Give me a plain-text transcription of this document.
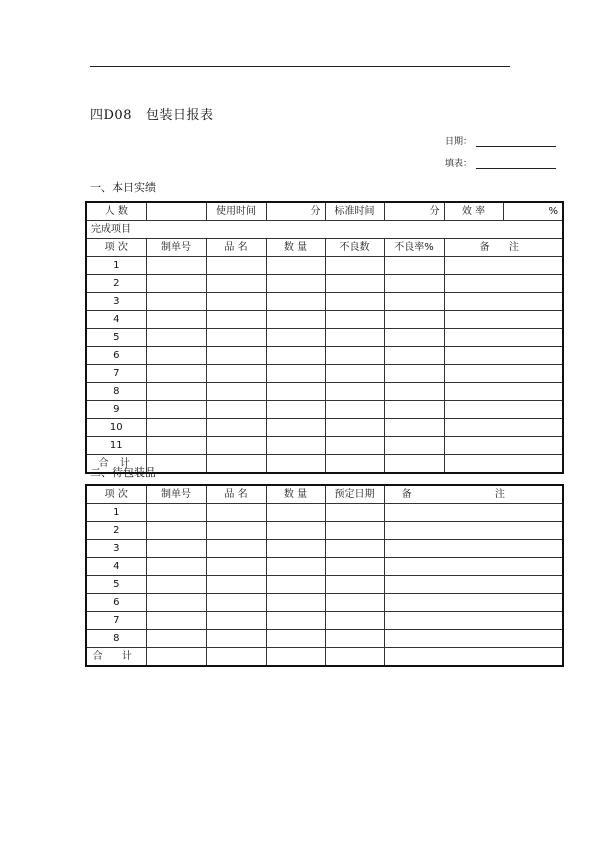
四D08 包装日报表
日期：
填表：
一、本日实绩
人 数		使用时间	分	标准时间	分	效 率	%
完成项目							
项 次	制单号	品 名	数 量	不良数	不良率%	备 注	
1							
2							
3							
4							
5							
6							
7							
8							
9							
10							
11							
合 计							
二、待包装品
项 次	制单号	品 名	数 量	预定日期	备 注
1					
2					
3					
4					
5					
6					
7					
8					
合 计					
